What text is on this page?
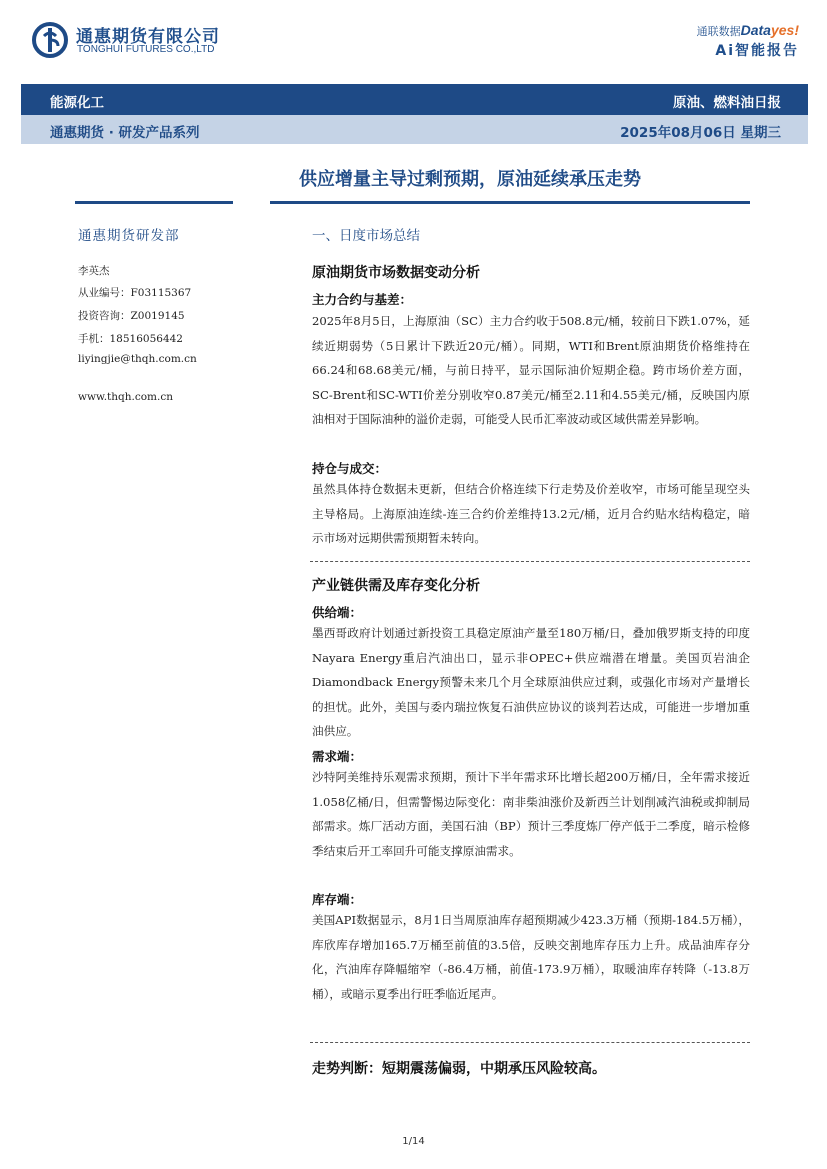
通惠期货有限公司
TONGHUI FUTURES CO.,LTD
通联数据Datayes!
Ai智能报告
能源化工	原油、燃料油日报
通惠期货 · 研发产品系列	2025年08月06日 星期三
供应增量主导过剩预期，原油延续承压走势
通惠期货研发部
李英杰
从业编号：F03115367
投资咨询：Z0019145
手机：18516056442
liyingjie@thqh.com.cn
www.thqh.com.cn
一、日度市场总结
原油期货市场数据变动分析
主力合约与基差：

2025年8月5日，上海原油（SC）主力合约收于508.8元/桶，较前日下跌1.07%，延续近期弱势（5日累计下跌近20元/桶）。同期，WTI和Brent原油期货价格维持在66.24和68.68美元/桶，与前日持平，显示国际油价短期企稳。跨市场价差方面，SC-Brent和SC-WTI价差分别收窄0.87美元/桶至2.11和4.55美元/桶，反映国内原油相对于国际油种的溢价走弱，可能受人民币汇率波动或区域供需差异影响。

持仓与成交：

虽然具体持仓数据未更新，但结合价格连续下行走势及价差收窄，市场可能呈现空头主导格局。上海原油连续-连三合约价差维持13.2元/桶，近月合约贴水结构稳定，暗示市场对远期供需预期暂未转向。

产业链供需及库存变化分析
供给端：

墨西哥政府计划通过新投资工具稳定原油产量至180万桶/日，叠加俄罗斯支持的印度Nayara Energy重启汽油出口，显示非OPEC+供应端潜在增量。美国页岩油企Diamondback Energy预警未来几个月全球原油供应过剩，或强化市场对产量增长的担忧。此外，美国与委内瑞拉恢复石油供应协议的谈判若达成，可能进一步增加重油供应。

需求端：

沙特阿美维持乐观需求预期，预计下半年需求环比增长超200万桶/日，全年需求接近1.058亿桶/日，但需警惕边际变化：南非柴油涨价及新西兰计划削减汽油税或抑制局部需求。炼厂活动方面，美国石油（BP）预计三季度炼厂停产低于二季度，暗示检修季结束后开工率回升可能支撑原油需求。

库存端：

美国API数据显示，8月1日当周原油库存超预期减少423.3万桶（预期-184.5万桶），库欣库存增加165.7万桶至前值的3.5倍，反映交割地库存压力上升。成品油库存分化，汽油库存降幅缩窄（-86.4万桶，前值-173.9万桶），取暖油库存转降（-13.8万桶），或暗示夏季出行旺季临近尾声。

走势判断：短期震荡偏弱，中期承压风险较高。
1/14
